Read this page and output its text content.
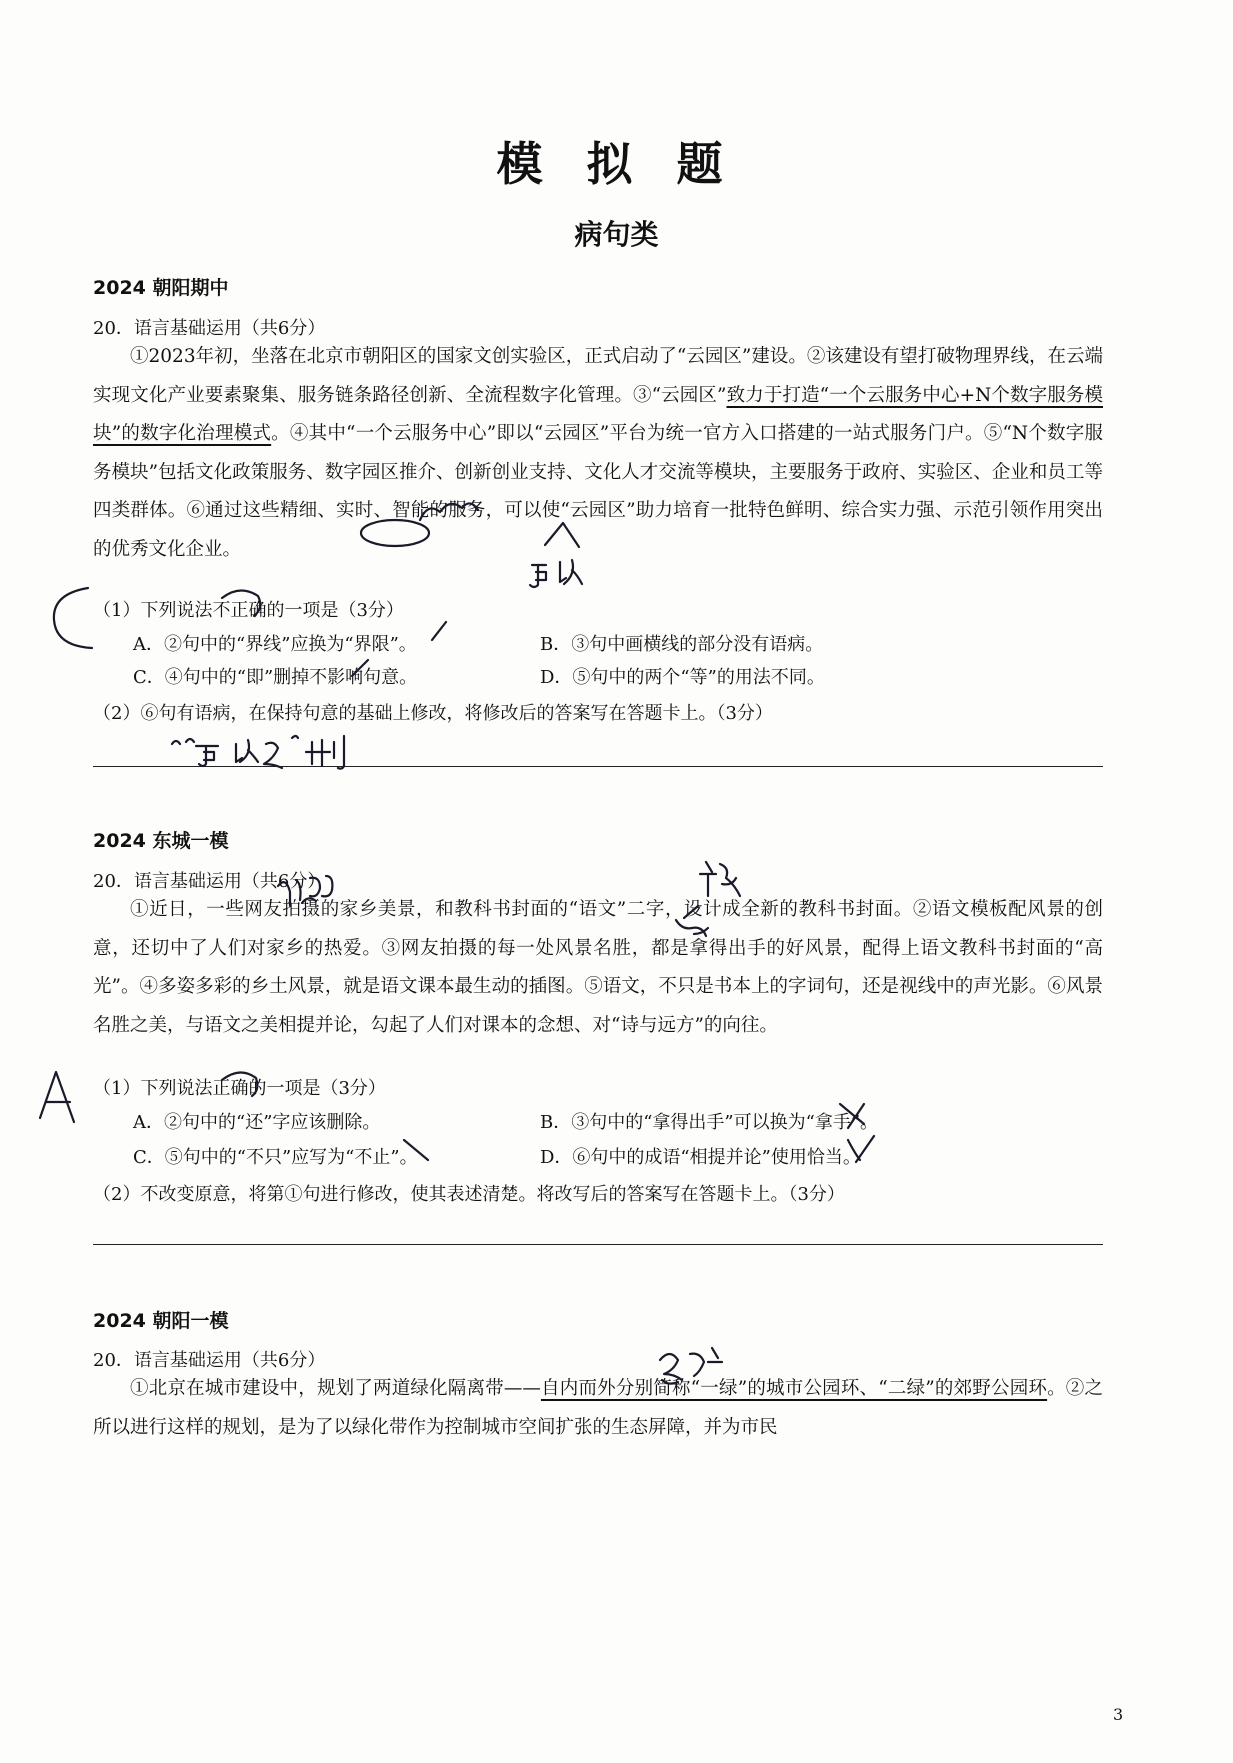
模 拟 题
病句类
2024 朝阳期中
20．语言基础运用（共6分）

①2023年初，坐落在北京市朝阳区的国家文创实验区，正式启动了“云园区”建设。②该建设有望打破物理界线，在云端实现文化产业要素聚集、服务链条路径创新、全流程数字化管理。③“云园区”致力于打造“一个云服务中心+N个数字服务模块”的数字化治理模式。④其中“一个云服务中心”即以“云园区”平台为统一官方入口搭建的一站式服务门户。⑤“N个数字服务模块”包括文化政策服务、数字园区推介、创新创业支持、文化人才交流等模块，主要服务于政府、实验区、企业和员工等四类群体。⑥通过这些精细、实时、智能的服务，可以使“云园区”助力培育一批特色鲜明、综合实力强、示范引领作用突出的优秀文化企业。

（1）下列说法不正确的一项是（3分）
A．②句中的“界线”应换为“界限”。	B．③句中画横线的部分没有语病。
C．④句中的“即”删掉不影响句意。	D．⑤句中的两个“等”的用法不同。
（2）⑥句有语病，在保持句意的基础上修改，将修改后的答案写在答题卡上。（3分）
2024 东城一模
20．语言基础运用（共6分）

①近日，一些网友拍摄的家乡美景，和教科书封面的“语文”二字，设计成全新的教科书封面。②语文模板配风景的创意，还切中了人们对家乡的热爱。③网友拍摄的每一处风景名胜，都是拿得出手的好风景，配得上语文教科书封面的“高光”。④多姿多彩的乡土风景，就是语文课本最生动的插图。⑤语文，不只是书本上的字词句，还是视线中的声光影。⑥风景名胜之美，与语文之美相提并论，勾起了人们对课本的念想、对“诗与远方”的向往。

（1）下列说法正确的一项是（3分）
A．②句中的“还”字应该删除。	B．③句中的“拿得出手”可以换为“拿手”。
C．⑤句中的“不只”应写为“不止”。	D．⑥句中的成语“相提并论”使用恰当。
（2）不改变原意，将第①句进行修改，使其表述清楚。将改写后的答案写在答题卡上。（3分）
2024 朝阳一模
20．语言基础运用（共6分）

①北京在城市建设中，规划了两道绿化隔离带——自内而外分别简称“一绿”的城市公园环、“二绿”的郊野公园环。②之所以进行这样的规划，是为了以绿化带作为控制城市空间扩张的生态屏障，并为市民

3
